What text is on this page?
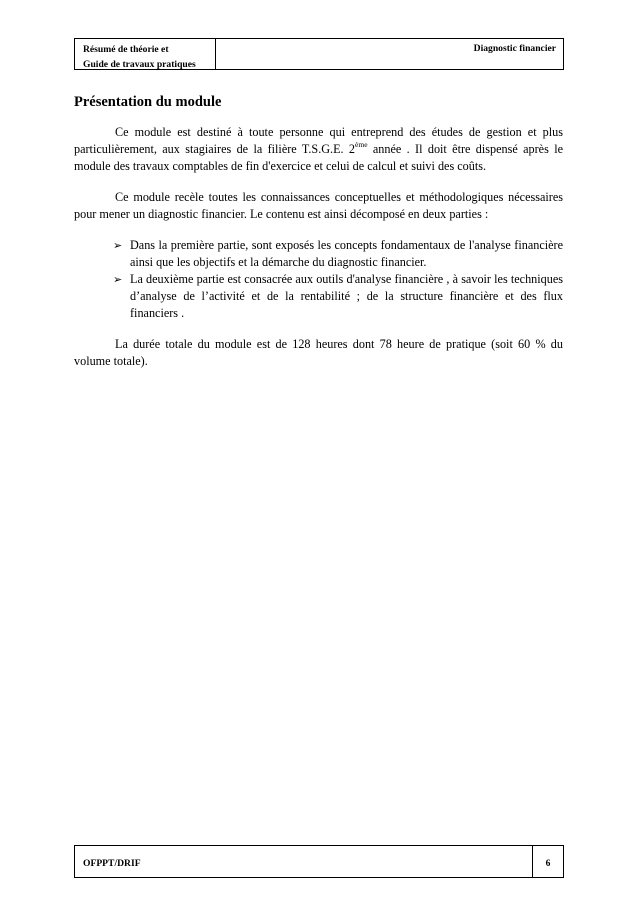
Résumé de théorie et
Guide de travaux pratiques
Diagnostic financier
Présentation du module

Ce module est destiné à toute personne qui entreprend des études de gestion et plus particulièrement, aux stagiaires de la filière T.S.G.E. 2ème année . Il doit être dispensé après le module des travaux comptables de fin d'exercice et celui de calcul et suivi des coûts.

Ce module recèle toutes les connaissances conceptuelles et méthodologiques nécessaires pour mener un diagnostic financier. Le contenu est ainsi décomposé en deux parties :

➢ Dans la première partie, sont exposés les concepts fondamentaux de l'analyse financière ainsi que les objectifs et la démarche du diagnostic financier.
➢ La deuxième partie est consacrée aux outils d'analyse financière , à savoir les techniques d’analyse de l’activité et de la rentabilité ; de la structure financière et des flux financiers .

La durée totale du module est de 128 heures dont 78 heure de pratique (soit 60 % du volume totale).

OFPPT/DRIF	6
